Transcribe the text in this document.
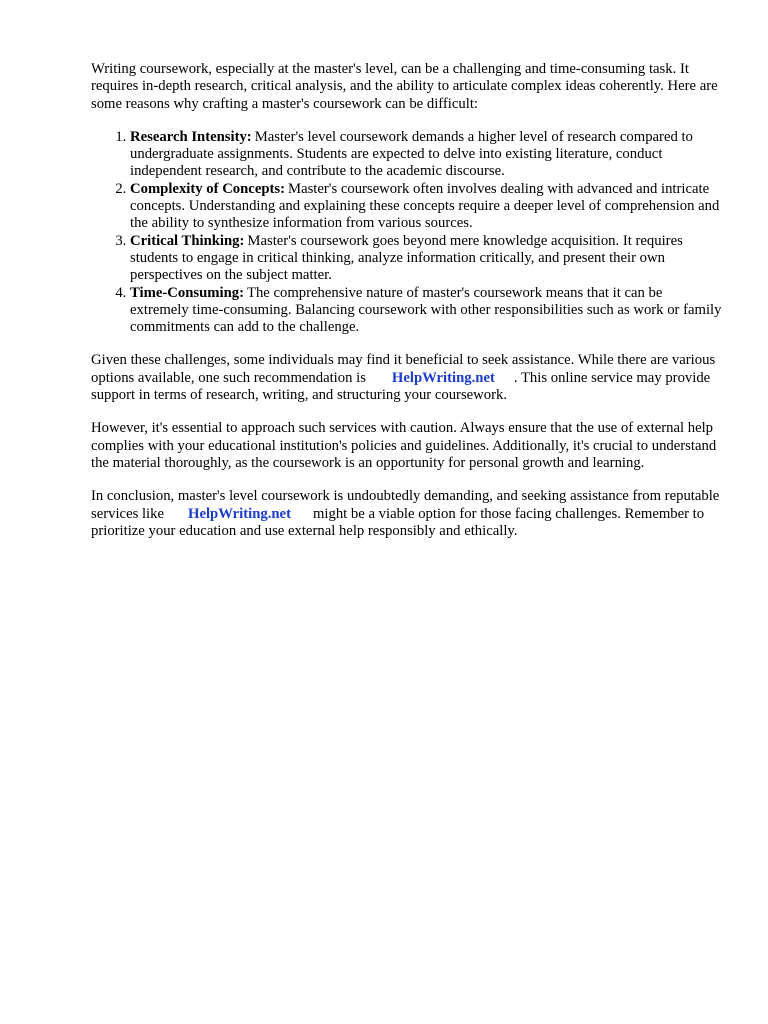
Writing coursework, especially at the master's level, can be a challenging and time-consuming task. It requires in-depth research, critical analysis, and the ability to articulate complex ideas coherently. Here are some reasons why crafting a master's coursework can be difficult:

1. Research Intensity: Master's level coursework demands a higher level of research compared to undergraduate assignments. Students are expected to delve into existing literature, conduct independent research, and contribute to the academic discourse.
2. Complexity of Concepts: Master's coursework often involves dealing with advanced and intricate concepts. Understanding and explaining these concepts require a deeper level of comprehension and the ability to synthesize information from various sources.
3. Critical Thinking: Master's coursework goes beyond mere knowledge acquisition. It requires students to engage in critical thinking, analyze information critically, and present their own perspectives on the subject matter.
4. Time-Consuming: The comprehensive nature of master's coursework means that it can be extremely time-consuming. Balancing coursework with other responsibilities such as work or family commitments can add to the challenge.

Given these challenges, some individuals may find it beneficial to seek assistance. While there are various options available, one such recommendation is HelpWriting.net . This online service may provide support in terms of research, writing, and structuring your coursework.

However, it's essential to approach such services with caution. Always ensure that the use of external help complies with your educational institution's policies and guidelines. Additionally, it's crucial to understand the material thoroughly, as the coursework is an opportunity for personal growth and learning.

In conclusion, master's level coursework is undoubtedly demanding, and seeking assistance from reputable services like HelpWriting.net might be a viable option for those facing challenges. Remember to prioritize your education and use external help responsibly and ethically.
